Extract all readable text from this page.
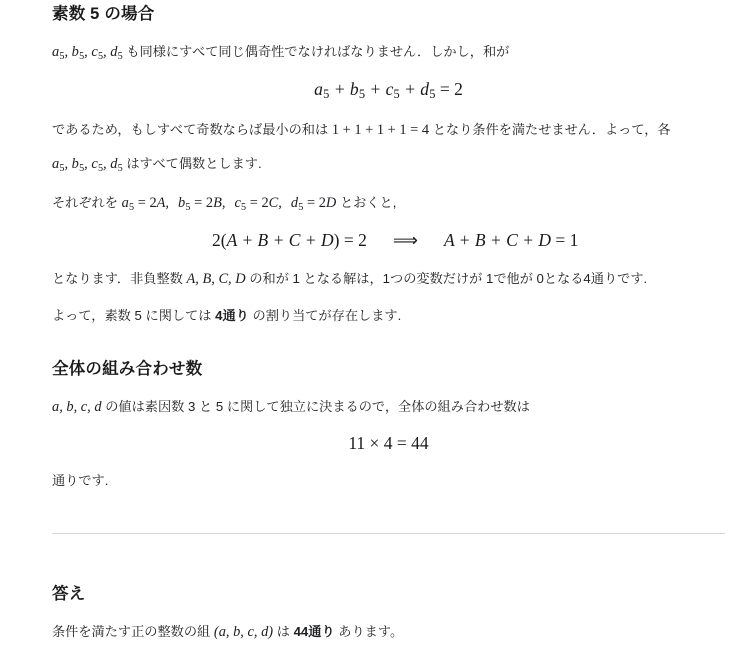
素数 5 の場合

a5, b5, c5, d5 も同様にすべて同じ偶奇性でなければなりません．しかし，和が

a5 + b5 + c5 + d5 = 2

であるため，もしすべて奇数ならば最小の和は 1 + 1 + 1 + 1 = 4 となり条件を満たせません．よって，各

a5, b5, c5, d5 はすべて偶数とします.

それぞれを a5 = 2A, b5 = 2B, c5 = 2C, d5 = 2D とおくと,

2(A + B + C + D) = 2 ⟹ A + B + C + D = 1

となります．非負整数 A, B, C, D の和が 1 となる解は，1つの変数だけが 1で他が 0となる4通りです.

よって，素数 5 に関しては 4通り の割り当てが存在します.

全体の組み合わせ数

a, b, c, d の値は素因数 3 と 5 に関して独立に決まるので，全体の組み合わせ数は

11 × 4 = 44

通りです.

答え

条件を満たす正の整数の組 (a, b, c, d) は 44通り あります。
